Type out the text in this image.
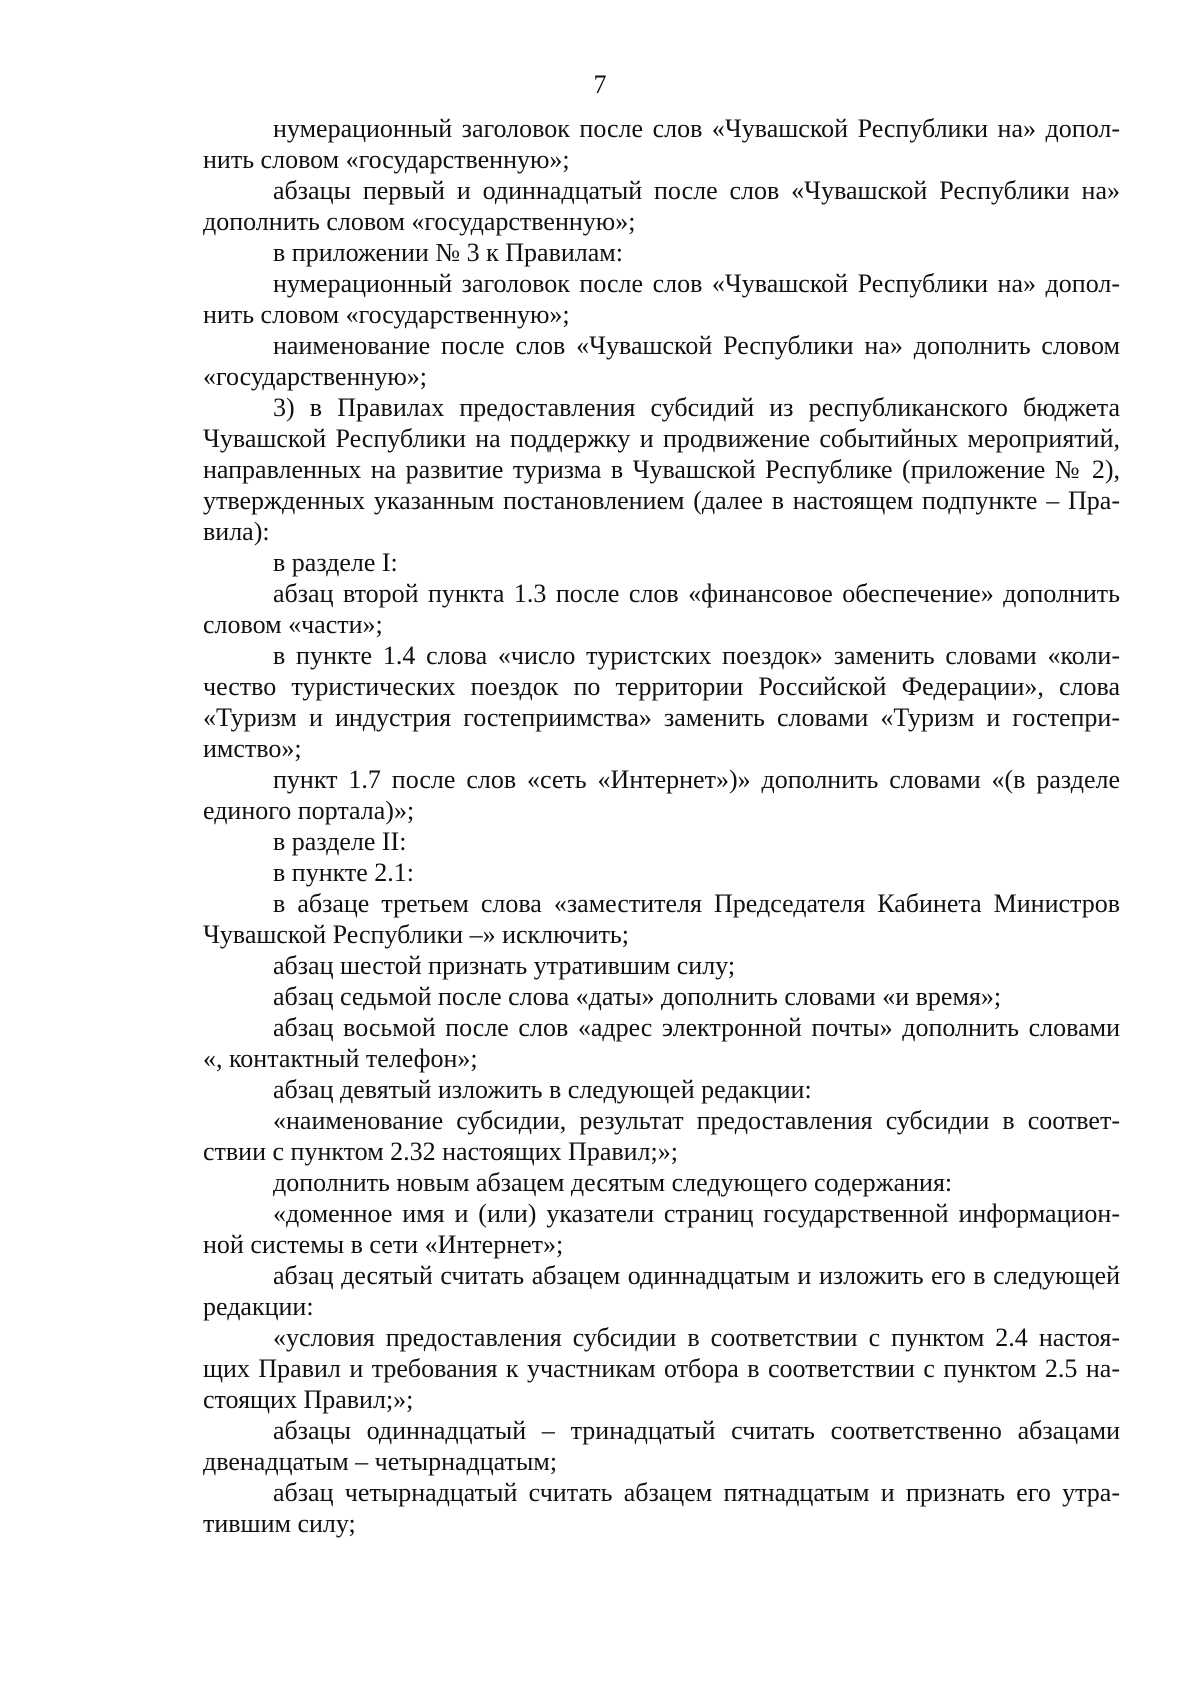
7

нумерационный заголовок после слов «Чувашской Республики на» дополнить словом «государственную»;

абзацы первый и одиннадцатый после слов «Чувашской Республики на» дополнить словом «государственную»;

в приложении № 3 к Правилам:

нумерационный заголовок после слов «Чувашской Республики на» дополнить словом «государственную»;

наименование после слов «Чувашской Республики на» дополнить словом «государственную»;

3) в Правилах предоставления субсидий из республиканского бюджета Чувашской Республики на поддержку и продвижение событийных мероприятий, направленных на развитие туризма в Чувашской Республике (приложение № 2), утвержденных указанным постановлением (далее в настоящем подпункте – Правила):

в разделе I:

абзац второй пункта 1.3 после слов «финансовое обеспечение» дополнить словом «части»;

в пункте 1.4 слова «число туристских поездок» заменить словами «количество туристических поездок по территории Российской Федерации», слова «Туризм и индустрия гостеприимства» заменить словами «Туризм и гостеприимство»;

пункт 1.7 после слов «сеть «Интернет»)» дополнить словами «(в разделе единого портала)»;

в разделе II:

в пункте 2.1:

в абзаце третьем слова «заместителя Председателя Кабинета Министров Чувашской Республики –» исключить;

абзац шестой признать утратившим силу;

абзац седьмой после слова «даты» дополнить словами «и время»;

абзац восьмой после слов «адрес электронной почты» дополнить словами «, контактный телефон»;

абзац девятый изложить в следующей редакции:

«наименование субсидии, результат предоставления субсидии в соответствии с пунктом 2.32 настоящих Правил;»;

дополнить новым абзацем десятым следующего содержания:

«доменное имя и (или) указатели страниц государственной информационной системы в сети «Интернет»;

абзац десятый считать абзацем одиннадцатым и изложить его в следующей редакции:

«условия предоставления субсидии в соответствии с пунктом 2.4 настоящих Правил и требования к участникам отбора в соответствии с пунктом 2.5 настоящих Правил;»;

абзацы одиннадцатый – тринадцатый считать соответственно абзацами двенадцатым – четырнадцатым;

абзац четырнадцатый считать абзацем пятнадцатым и признать его утратившим силу;
